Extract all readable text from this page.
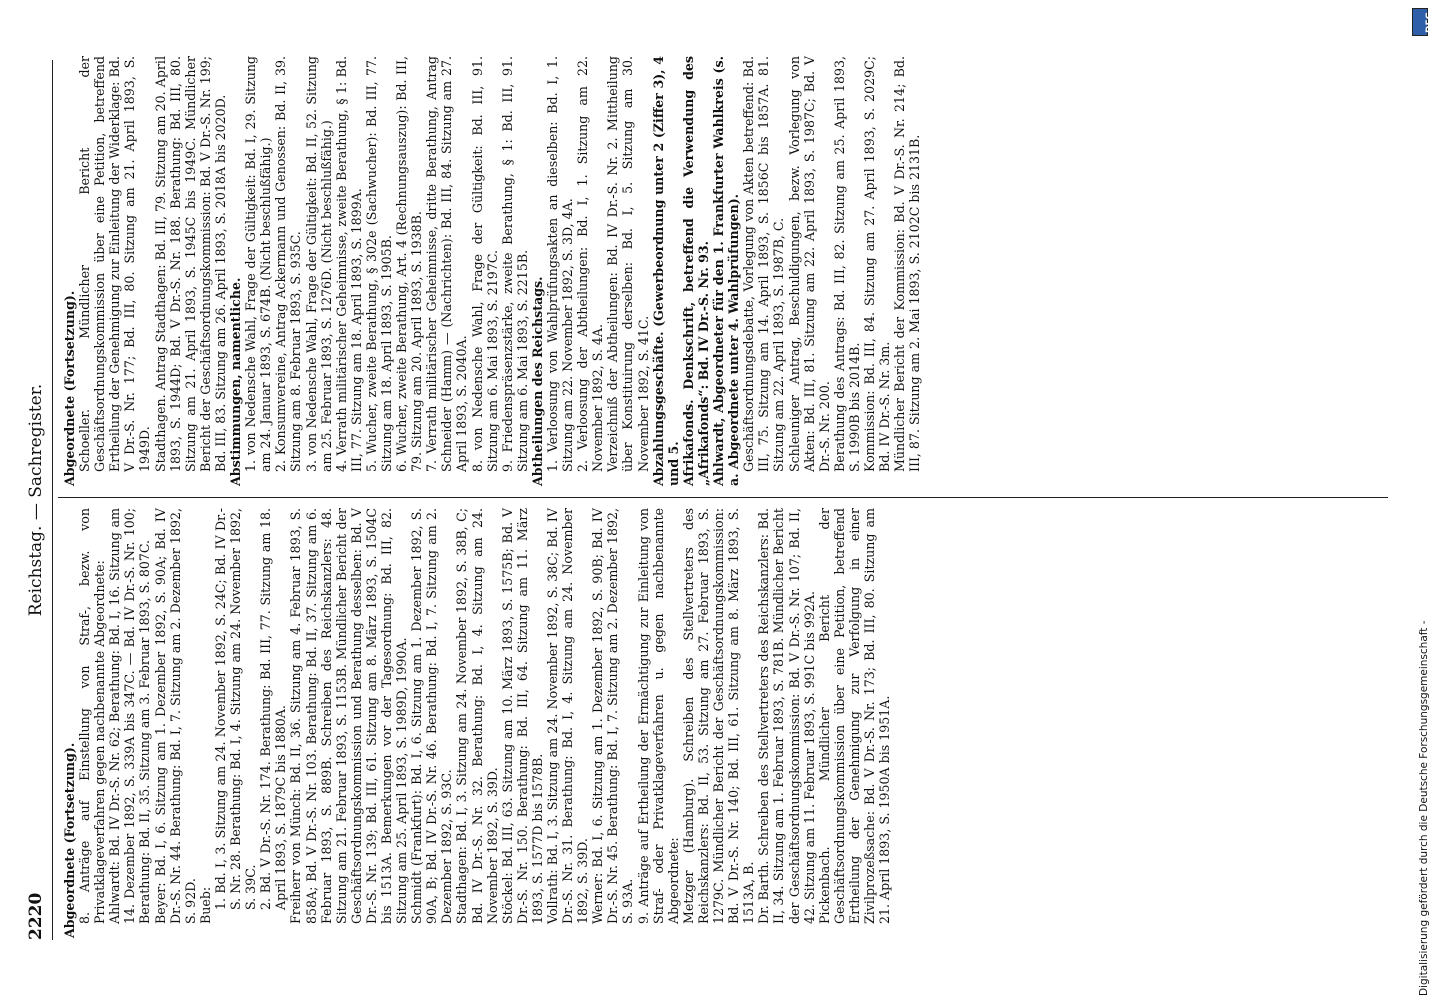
2220
Reichstag. — Sachregister.

Abgeordnete (Fortsetzung). 8. Anträge auf Einstellung von Straf-, bezw. von Privatklageverfahren gegen nachbenannte Abgeordnete: Ahlwardt: Bd. IV Dr.-S. Nr. 62; Berathung: Bd. I, 16. Sitzung am 14. Dezember 1892, S. 339A bis 347C. — Bd. IV Dr.-S. Nr. 100; Berathung: Bd. II, 35. Sitzung am 3. Februar 1893, S. 807C. Beyer: Bd. I, 6. Sitzung am 1. Dezember 1892, S. 90A; Bd. IV Dr.-S. Nr. 44. Berathung: Bd. I, 7. Sitzung am 2. Dezember 1892, S. 92D. Bueb: 1. Bd. I, 3. Sitzung am 24. November 1892, S. 24C; Bd. IV Dr.-S. Nr. 28. Berathung: Bd. I, 4. Sitzung am 24. November 1892, S. 39C. 2. Bd. V Dr.-S. Nr. 174. Berathung: Bd. III, 77. Sitzung am 18. April 1893, S. 1879C bis 1880A. Freiherr von Münch: Bd. II, 36. Sitzung am 4. Februar 1893, S. 858A; Bd. V Dr.-S. Nr. 103. Berathung: Bd. II, 37. Sitzung am 6. Februar 1893, S. 889B. Schreiben des Reichskanzlers: 48. Sitzung am 21. Februar 1893, S. 1153B. Mündlicher Bericht der Geschäftsordnungskommission und Berathung desselben: Bd. V Dr.-S. Nr. 139; Bd. III, 61. Sitzung am 8. März 1893, S. 1504C bis 1513A. Bemerkungen vor der Tagesordnung: Bd. III, 82. Sitzung am 25. April 1893, S. 1989D, 1990A. Schmidt (Frankfurt): Bd. I, 6. Sitzung am 1. Dezember 1892, S. 90A, B; Bd. IV Dr.-S. Nr. 46. Berathung: Bd. I, 7. Sitzung am 2. Dezember 1892, S. 93C. Stadthagen: Bd. I, 3. Sitzung am 24. November 1892, S. 38B, C; Bd. IV Dr.-S. Nr. 32. Berathung: Bd. I, 4. Sitzung am 24. November 1892, S. 39D. Stöckel: Bd. III, 63. Sitzung am 10. März 1893, S. 1575B; Bd. V Dr.-S. Nr. 150. Berathung: Bd. III, 64. Sitzung am 11. März 1893, S. 1577D bis 1578B. Vollrath: Bd. I, 3. Sitzung am 24. November 1892, S. 38C; Bd. IV Dr.-S. Nr. 31. Berathung: Bd. I, 4. Sitzung am 24. November 1892, S. 39D. Werner: Bd. I, 6. Sitzung am 1. Dezember 1892, S. 90B; Bd. IV Dr.-S. Nr. 45. Berathung: Bd. I, 7. Sitzung am 2. Dezember 1892, S. 93A. 9. Anträge auf Ertheilung der Ermächtigung zur Einleitung von Straf- oder Privatklageverfahren u. gegen nachbenannte Abgeordnete: Metzger (Hamburg). Schreiben des Stellvertreters des Reichskanzlers: Bd. II, 53. Sitzung am 27. Februar 1893, S. 1279C. Mündlicher Bericht der Geschäftsordnungskommission: Bd. V Dr.-S. Nr. 140; Bd. III, 61. Sitzung am 8. März 1893, S. 1513A, B. Dr. Barth. Schreiben des Stellvertreters des Reichskanzlers: Bd. II, 34. Sitzung am 1. Februar 1893, S. 781B. Mündlicher Bericht der Geschäftsordnungskommission: Bd. V Dr.-S. Nr. 107; Bd. II, 42. Sitzung am 11. Februar 1893, S. 991C bis 992A. Pickenbach. Mündlicher Bericht der Geschäftsordnungskommission über eine Petition, betreffend Ertheilung der Genehmigung zur Verfolgung in einer Zivilprozeßsache: Bd. V Dr.-S. Nr. 173; Bd. III, 80. Sitzung am 21. April 1893, S. 1950A bis 1951A.

Abgeordnete (Fortsetzung). Schoeller. Mündlicher Bericht der Geschäftsordnungskommission über eine Petition, betreffend Ertheilung der Genehmigung zur Einleitung der Widerklage: Bd. V Dr.-S. Nr. 177; Bd. III, 80. Sitzung am 21. April 1893, S. 1949D. Stadthagen. Antrag Stadthagen: Bd. III, 79. Sitzung am 20. April 1893, S. 1944D; Bd. V Dr.-S. Nr. 188. Berathung: Bd. III, 80. Sitzung am 21. April 1893, S. 1945C bis 1949C. Mündlicher Bericht der Geschäftsordnungskommission: Bd. V Dr.-S. Nr. 199; Bd. III, 83. Sitzung am 26. April 1893, S. 2018A bis 2020D. Abstimmungen, namentliche. 1. von Nedensche Wahl, Frage der Gültigkeit: Bd. I, 29. Sitzung am 24. Januar 1893, S. 674B. (Nicht beschlußfähig.) 2. Konsumvereine, Antrag Ackermann und Genossen: Bd. II, 39. Sitzung am 8. Februar 1893, S. 935C. 3. von Nedensche Wahl, Frage der Gültigkeit: Bd. II, 52. Sitzung am 25. Februar 1893, S. 1276D. (Nicht beschlußfähig.) 4. Verrath militärischer Geheimnisse, zweite Berathung, § 1: Bd. III, 77. Sitzung am 18. April 1893, S. 1899A. 5. Wucher, zweite Berathung, § 302e (Sachwucher): Bd. III, 77. Sitzung am 18. April 1893, S. 1905B. 6. Wucher, zweite Berathung, Art. 4 (Rechnungsauszug): Bd. III, 79. Sitzung am 20. April 1893, S. 1938B. 7. Verrath militärischer Geheimnisse, dritte Berathung, Antrag Schneider (Hamm) — (Nachrichten): Bd. III, 84. Sitzung am 27. April 1893, S. 2040A. 8. von Nedensche Wahl, Frage der Gültigkeit: Bd. III, 91. Sitzung am 6. Mai 1893, S. 2197C. 9. Friedenspräsenzstärke, zweite Berathung, § 1: Bd. III, 91. Sitzung am 6. Mai 1893, S. 2215B. Abtheilungen des Reichstags. 1. Verloosung von Wahlprüfungsakten an dieselben: Bd. I, 1. Sitzung am 22. November 1892, S. 3D, 4A. 2. Verloosung der Abtheilungen: Bd. I, 1. Sitzung am 22. November 1892, S. 4A. Verzeichniß der Abtheilungen: Bd. IV Dr.-S. Nr. 2. Mittheilung über Konstituirung derselben: Bd. I, 5. Sitzung am 30. November 1892, S. 41C. Abzahlungsgeschäfte. (Gewerbeordnung unter 2 (Ziffer 3), 4 und 5. Afrikafonds. Denkschrift, betreffend die Verwendung des „Afrikafonds“: Bd. IV Dr.-S. Nr. 93. Ahlwardt, Abgeordneter für den 1. Frankfurter Wahlkreis (s. a. Abgeordnete unter 4. Wahlprüfungen). Geschäftsordnungsdebatte, Vorlegung von Akten betreffend: Bd. III, 75. Sitzung am 14. April 1893, S. 1856C bis 1857A. 81. Sitzung am 22. April 1893, S. 1987B, C. Schleuniger Antrag, Beschuldigungen, bezw. Vorlegung von Akten: Bd. III, 81. Sitzung am 22. April 1893, S. 1987C; Bd. V Dr.-S. Nr. 200. Berathung des Antrags: Bd. III, 82. Sitzung am 25. April 1893, S. 1990B bis 2014B. Kommission: Bd. III, 84. Sitzung am 27. April 1893, S. 2029C; Bd. IV Dr.-S. Nr. 3m. Mündlicher Bericht der Kommission: Bd. V Dr.-S. Nr. 214; Bd. III, 87. Sitzung am 2. Mai 1893, S. 2102C bis 2131B.

DFG
Digitalisierung gefördert durch die Deutsche Forschungsgemeinschaft -
